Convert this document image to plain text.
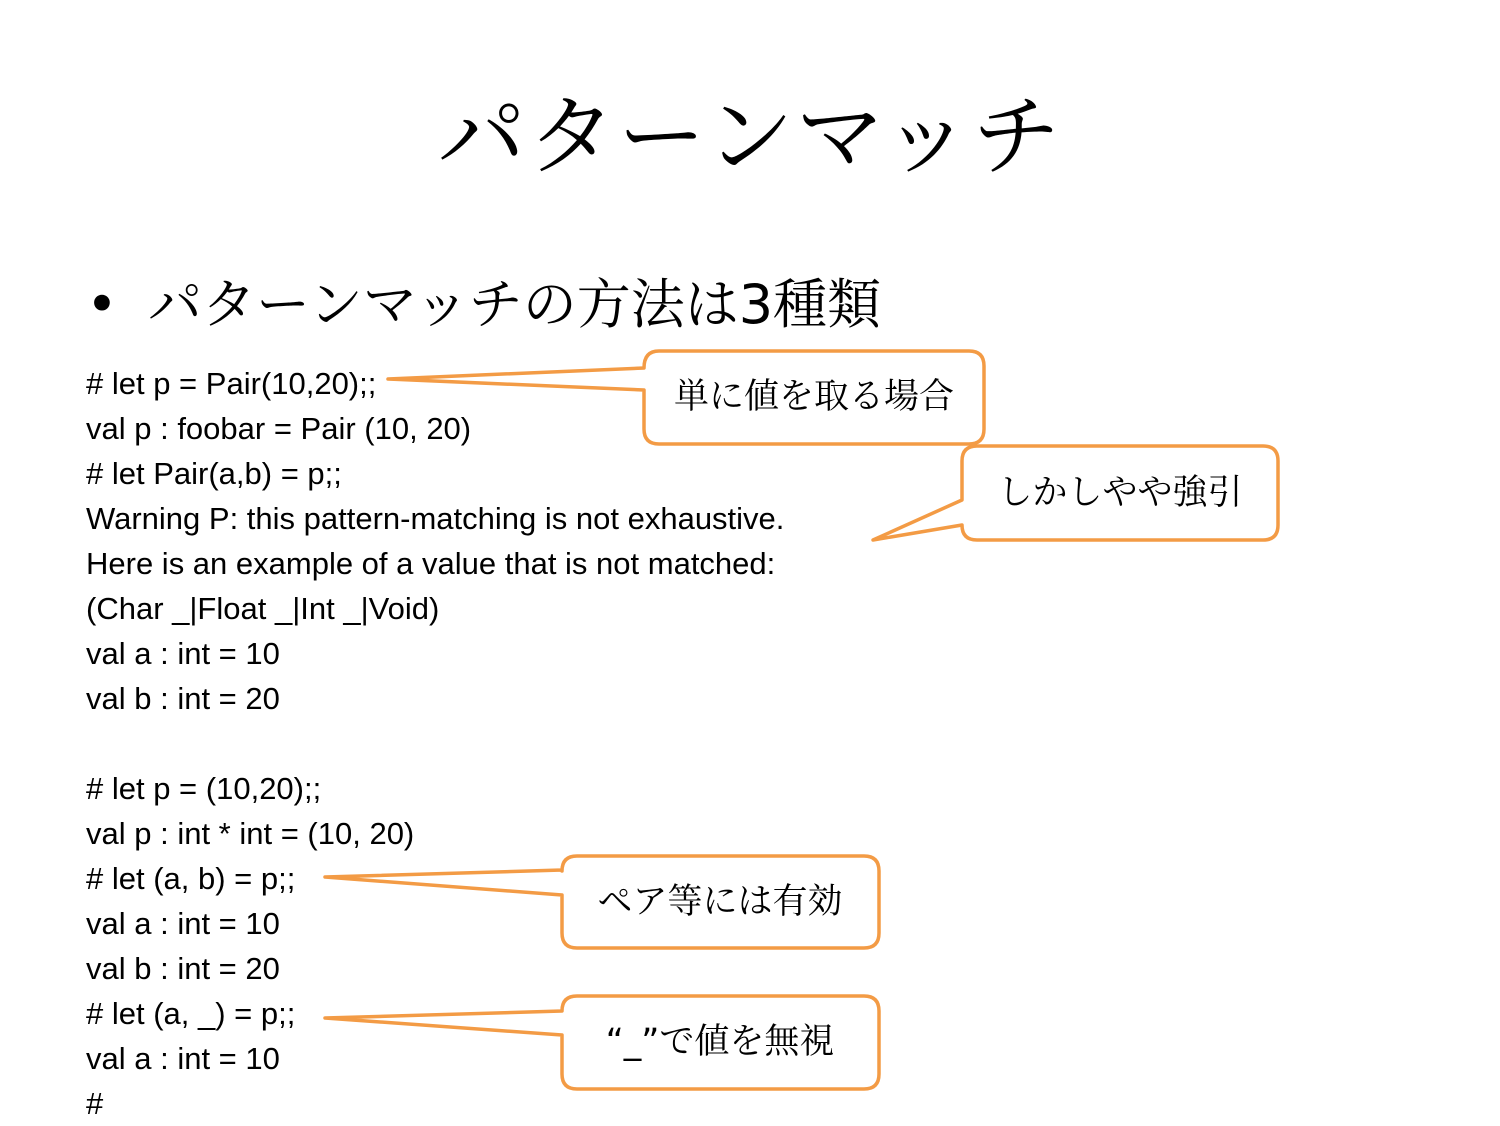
パターンマッチ
• パターンマッチの方法は3種類
# let p = Pair(10,20);;
val p : foobar = Pair (10, 20)
# let Pair(a,b) = p;;
Warning P: this pattern-matching is not exhaustive.
Here is an example of a value that is not matched:
(Char _|Float _|Int _|Void)
val a : int = 10
val b : int = 20
# let p = (10,20);;
val p : int * int = (10, 20)
# let (a, b) = p;;
val a : int = 10
val b : int = 20
# let (a, _) = p;;
val a : int = 10
#
単に値を取る場合
しかしやや強引
ペア等には有効
“_”で値を無視
